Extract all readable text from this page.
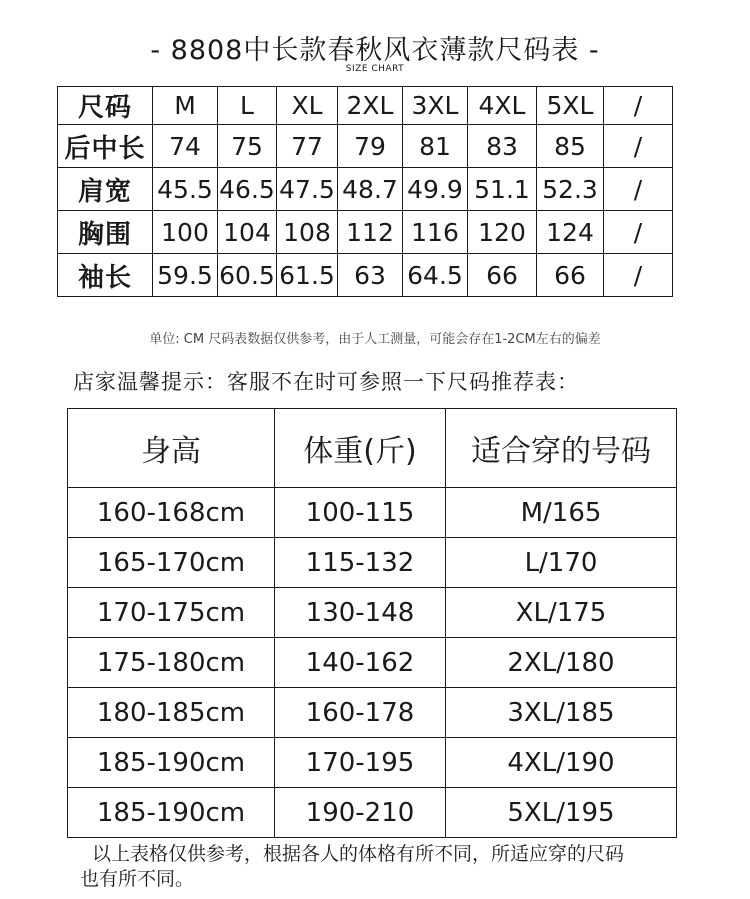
- 8808中长款春秋风衣薄款尺码表 -
SIZE CHART
尺码	M	L	XL	2XL	3XL	4XL	5XL	/
后中长	74	75	77	79	81	83	85	/
肩宽	45.5	46.5	47.5	48.7	49.9	51.1	52.3	/
胸围	100	104	108	112	116	120	124	/
袖长	59.5	60.5	61.5	63	64.5	66	66	/
单位: CM 尺码表数据仅供参考，由于人工测量，可能会存在1-2CM左右的偏差
店家温馨提示：客服不在时可参照一下尺码推荐表：
身高	体重(斤)	适合穿的号码
160-168cm	100-115	M/165
165-170cm	115-132	L/170
170-175cm	130-148	XL/175
175-180cm	140-162	2XL/180
180-185cm	160-178	3XL/185
185-190cm	170-195	4XL/190
185-190cm	190-210	5XL/195
以上表格仅供参考，根据各人的体格有所不同，所适应穿的尺码
也有所不同。
